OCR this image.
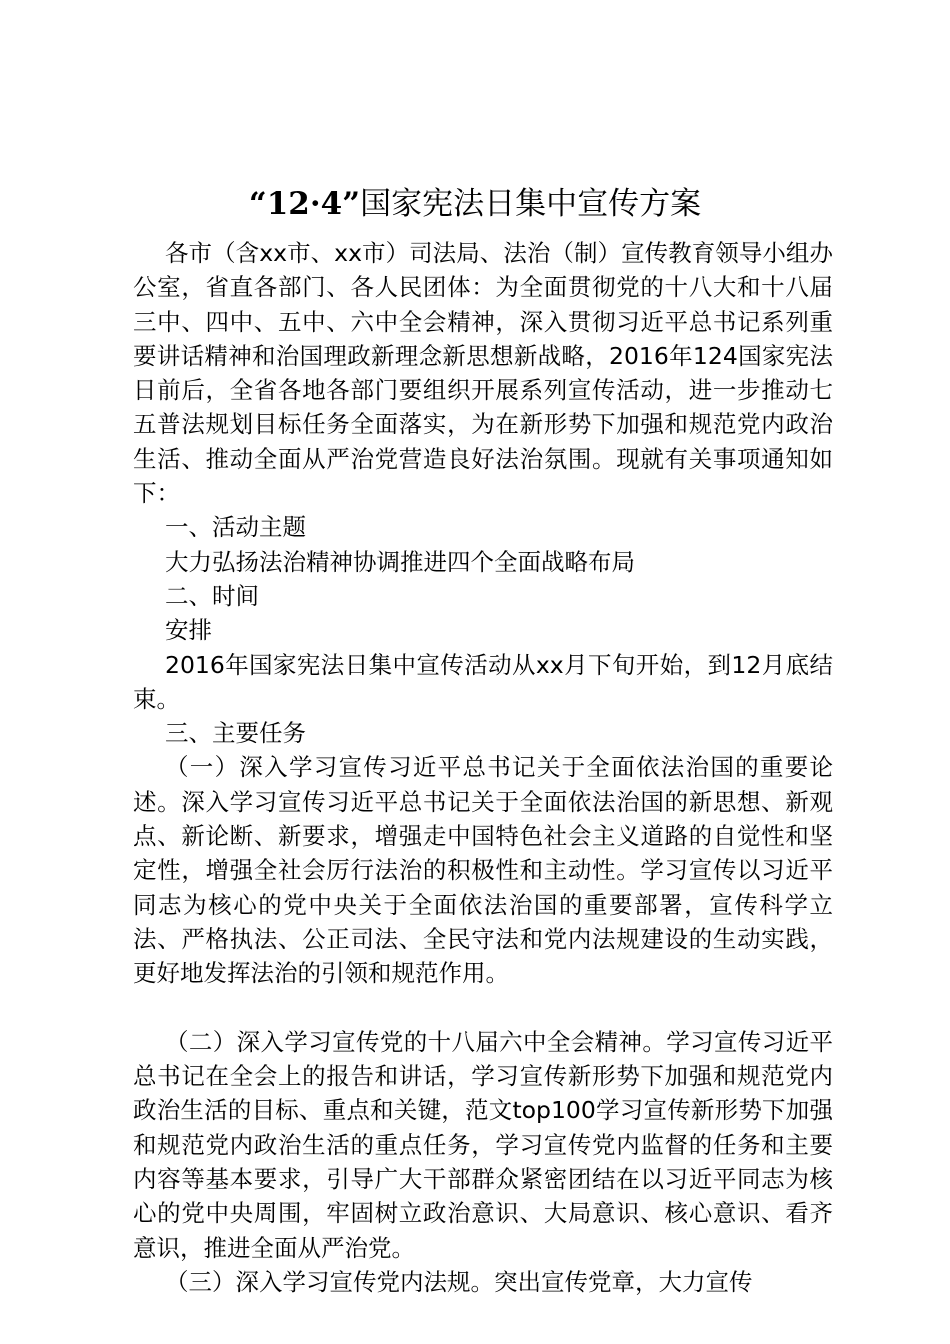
“12·4”国家宪法日集中宣传方案

各市（含xx市、xx市）司法局、法治（制）宣传教育领导小组办公室，省直各部门、各人民团体：为全面贯彻党的十八大和十八届三中、四中、五中、六中全会精神，深入贯彻习近平总书记系列重要讲话精神和治国理政新理念新思想新战略，2016年124国家宪法日前后，全省各地各部门要组织开展系列宣传活动，进一步推动七五普法规划目标任务全面落实，为在新形势下加强和规范党内政治生活、推动全面从严治党营造良好法治氛围。现就有关事项通知如下：

一、活动主题

大力弘扬法治精神协调推进四个全面战略布局

二、时间

安排

2016年国家宪法日集中宣传活动从xx月下旬开始，到12月底结束。

三、主要任务

（一）深入学习宣传习近平总书记关于全面依法治国的重要论述。深入学习宣传习近平总书记关于全面依法治国的新思想、新观点、新论断、新要求，增强走中国特色社会主义道路的自觉性和坚定性，增强全社会厉行法治的积极性和主动性。学习宣传以习近平同志为核心的党中央关于全面依法治国的重要部署，宣传科学立法、严格执法、公正司法、全民守法和党内法规建设的生动实践，更好地发挥法治的引领和规范作用。

（二）深入学习宣传党的十八届六中全会精神。学习宣传习近平总书记在全会上的报告和讲话，学习宣传新形势下加强和规范党内政治生活的目标、重点和关键，范文top100学习宣传新形势下加强和规范党内政治生活的重点任务，学习宣传党内监督的任务和主要内容等基本要求，引导广大干部群众紧密团结在以习近平同志为核心的党中央周围，牢固树立政治意识、大局意识、核心意识、看齐意识，推进全面从严治党。

（三）深入学习宣传党内法规。突出宣传党章，大力宣传
